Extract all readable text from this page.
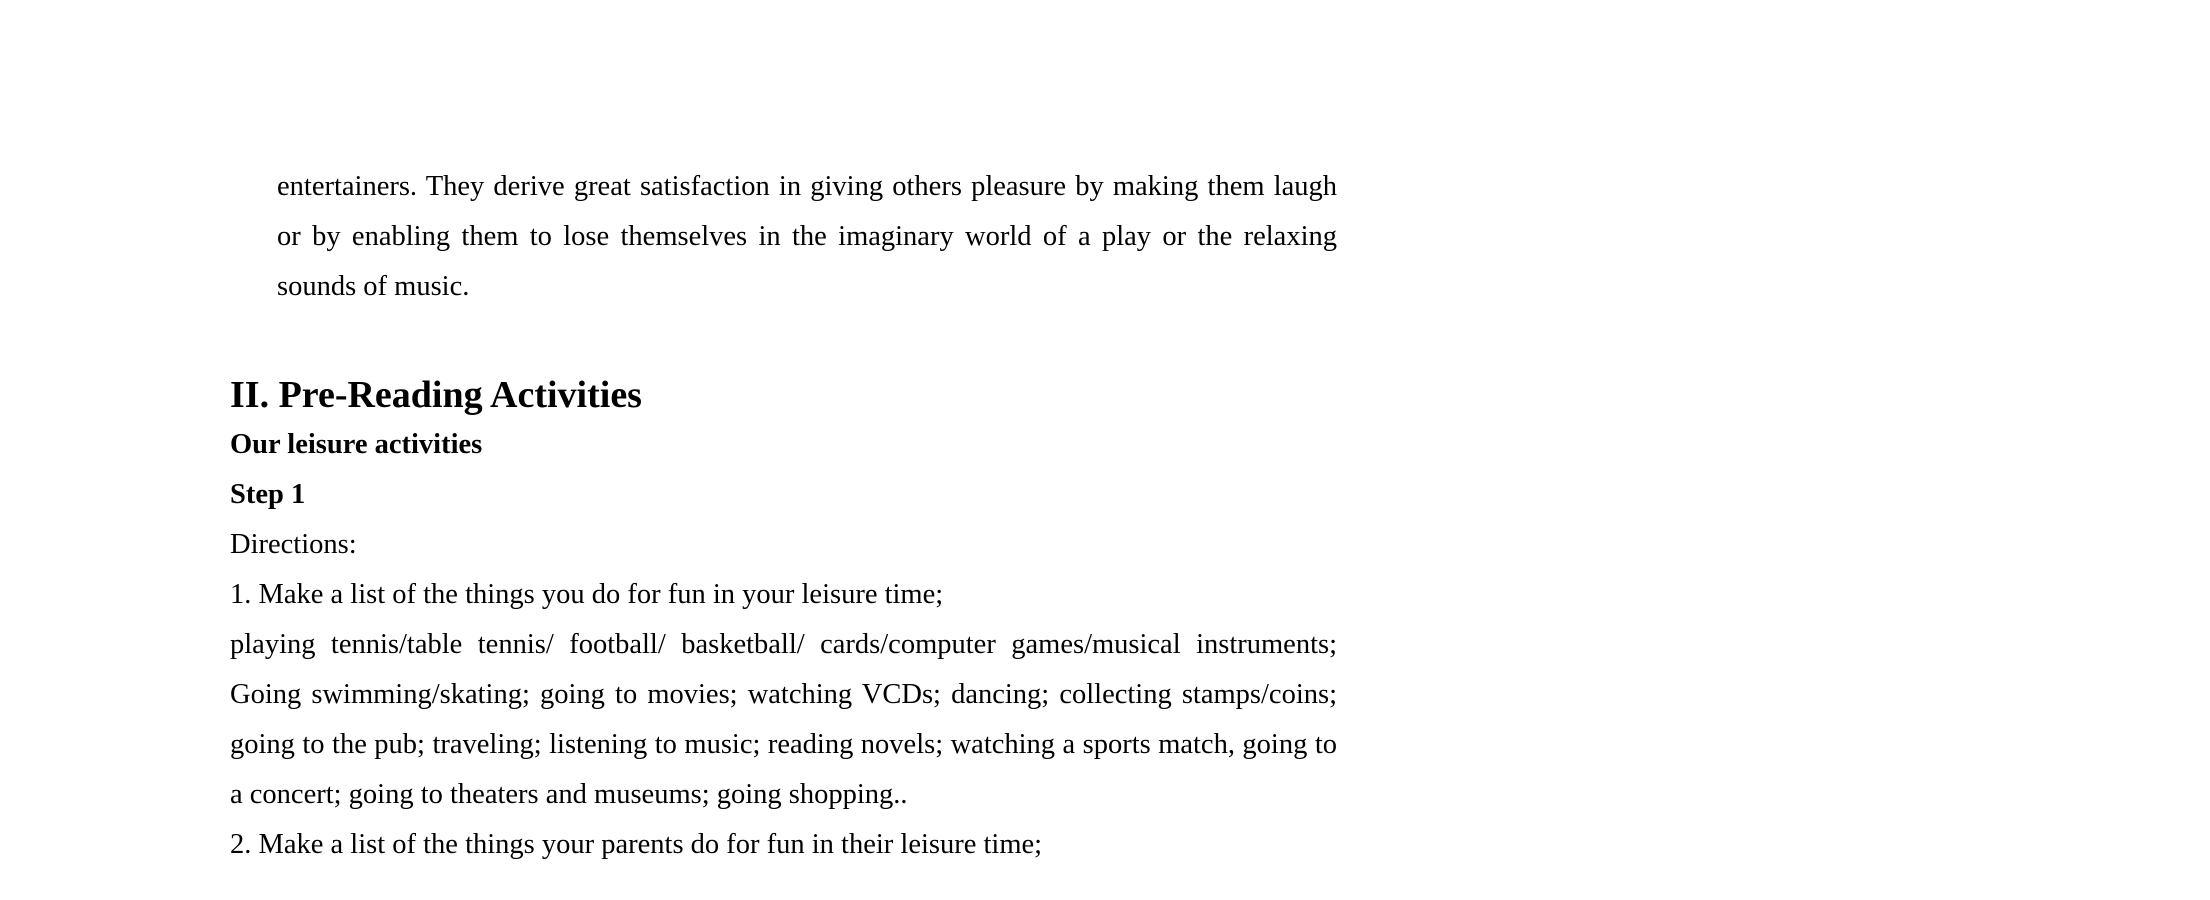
entertainers. They derive great satisfaction in giving others pleasure by making them laugh or by enabling them to lose themselves in the imaginary world of a play or the relaxing sounds of music.

II. Pre-Reading Activities

Our leisure activities

Step 1

Directions:

1. Make a list of the things you do for fun in your leisure time;

playing tennis/table tennis/ football/ basketball/ cards/computer games/musical instruments; Going swimming/skating; going to movies; watching VCDs; dancing; collecting stamps/coins; going to the pub; traveling; listening to music; reading novels; watching a sports match, going to a concert; going to theaters and museums; going shopping..

2. Make a list of the things your parents do for fun in their leisure time;
